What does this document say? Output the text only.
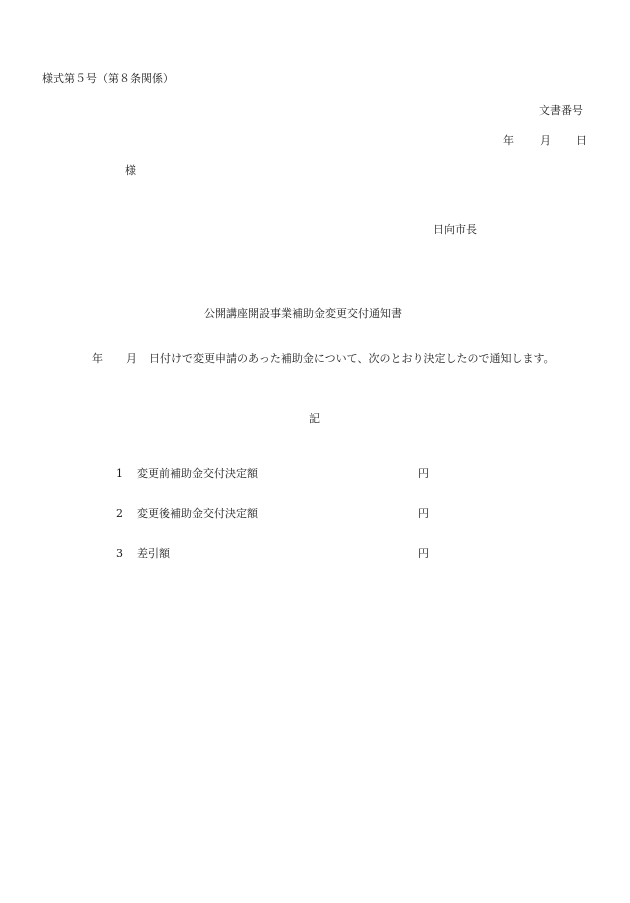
様式第５号（第８条関係）
文書番号
年 月 日
様
日向市長
公開講座開設事業補助金変更交付通知書
年 月 日付けで変更申請のあった補助金について、次のとおり決定したので通知します。
記
1 変更前補助金交付決定額	円
2 変更後補助金交付決定額	円
3 差引額	円
